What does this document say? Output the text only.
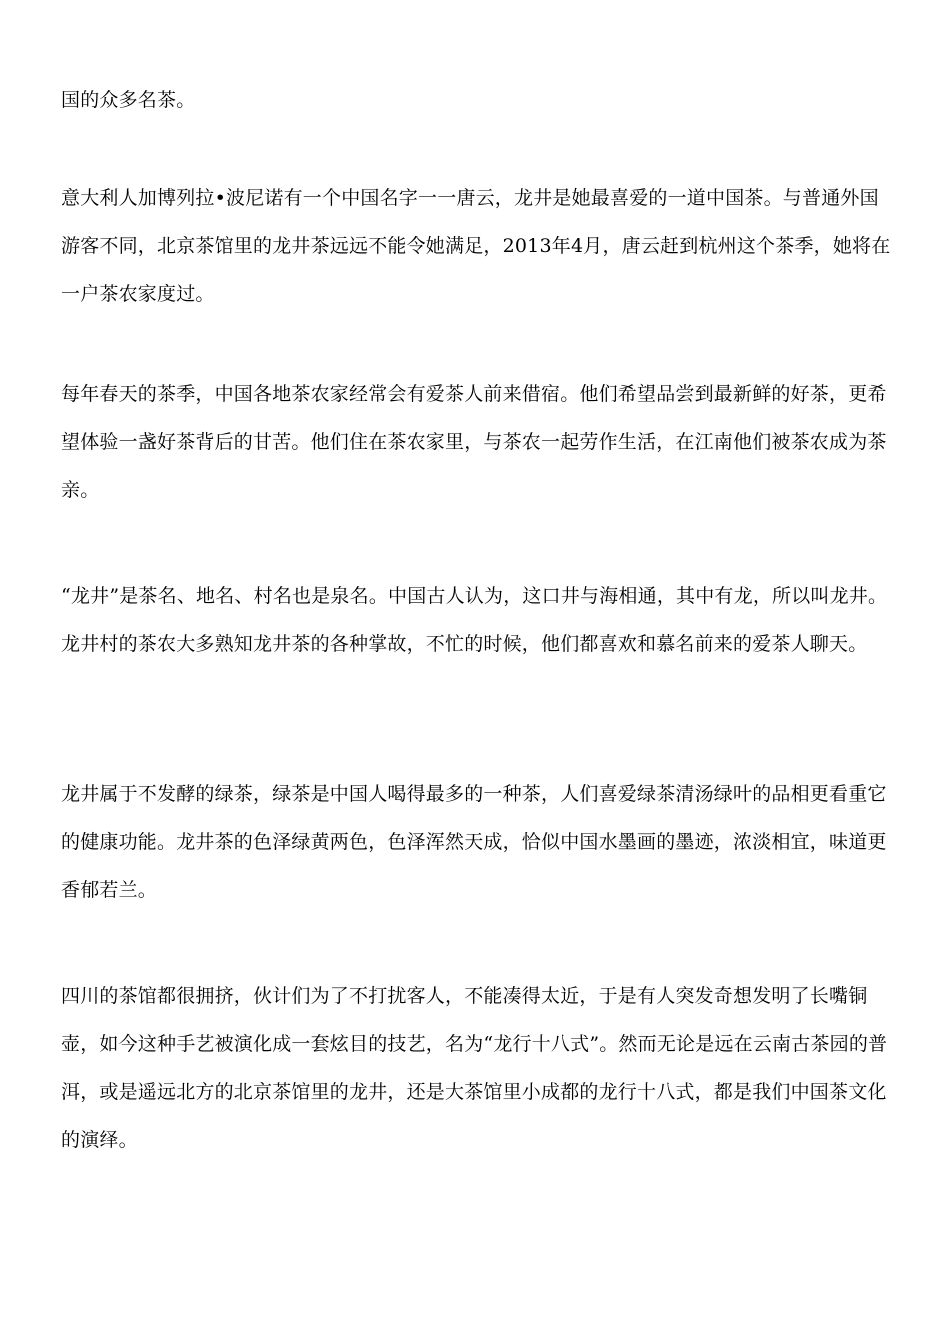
国的众多名茶。

意大利人加博列拉•波尼诺有一个中国名字一一唐云，龙井是她最喜爱的一道中国茶。与普通外国游客不同，北京茶馆里的龙井茶远远不能令她满足，2013年4月，唐云赶到杭州这个茶季，她将在一户茶农家度过。

每年春天的茶季，中国各地茶农家经常会有爱茶人前来借宿。他们希望品尝到最新鲜的好茶，更希望体验一盏好茶背后的甘苦。他们住在茶农家里，与茶农一起劳作生活，在江南他们被茶农成为茶亲。

“龙井”是茶名、地名、村名也是泉名。中国古人认为，这口井与海相通，其中有龙，所以叫龙井。龙井村的茶农大多熟知龙井茶的各种掌故，不忙的时候，他们都喜欢和慕名前来的爱茶人聊天。

龙井属于不发酵的绿茶，绿茶是中国人喝得最多的一种茶，人们喜爱绿茶清汤绿叶的品相更看重它的健康功能。龙井茶的色泽绿黄两色，色泽浑然天成，恰似中国水墨画的墨迹，浓淡相宜，味道更香郁若兰。

四川的茶馆都很拥挤，伙计们为了不打扰客人，不能凑得太近，于是有人突发奇想发明了长嘴铜壶，如今这种手艺被演化成一套炫目的技艺，名为“龙行十八式”。然而无论是远在云南古茶园的普洱，或是遥远北方的北京茶馆里的龙井，还是大茶馆里小成都的龙行十八式，都是我们中国茶文化的演绎。
